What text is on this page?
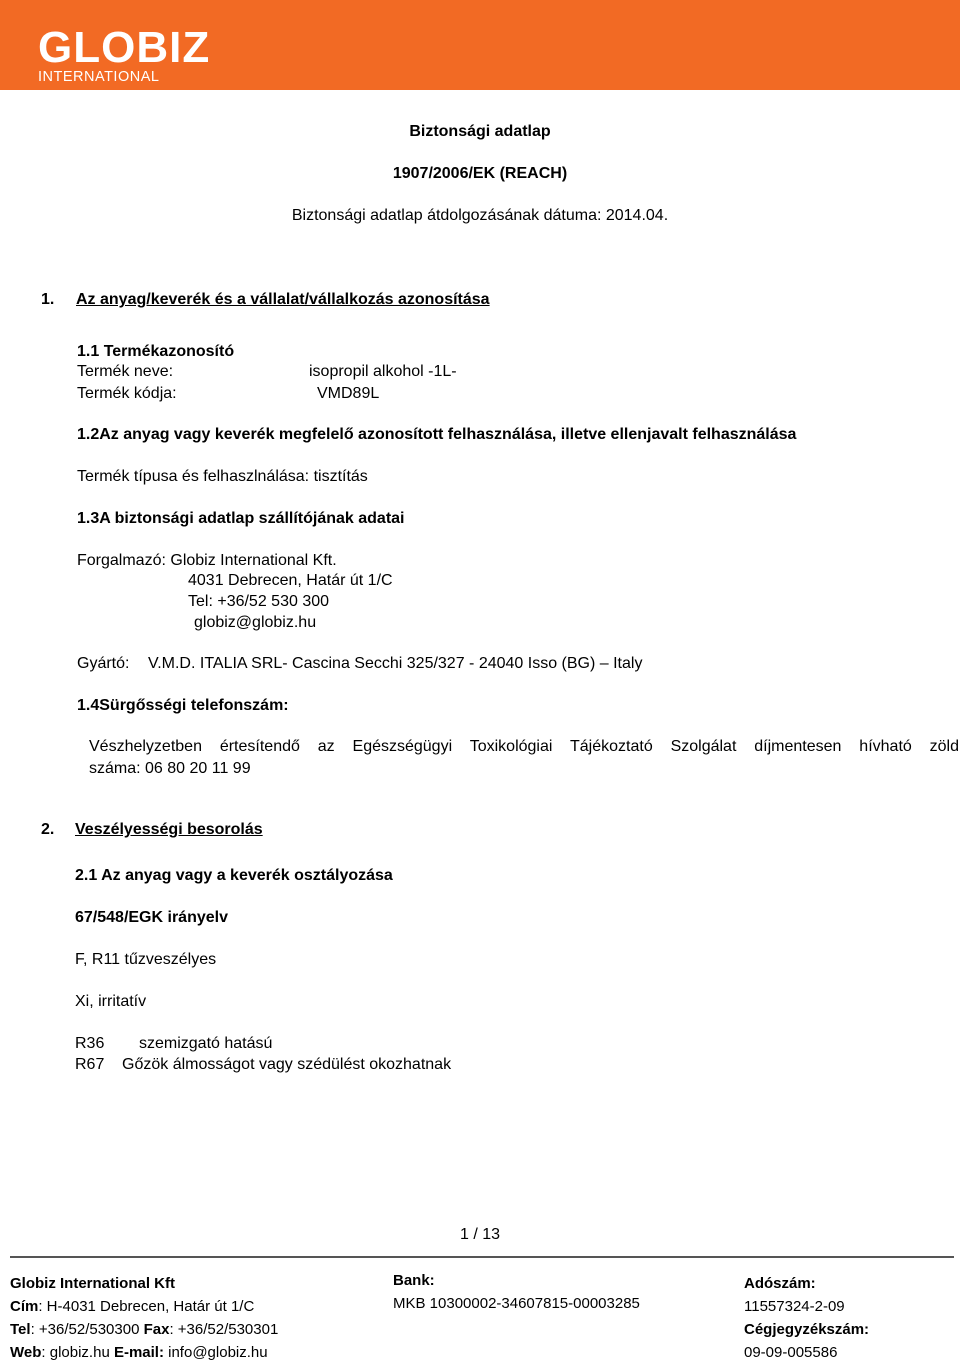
GLOBIZ
INTERNATIONAL
Biztonsági adatlap
1907/2006/EK (REACH)
Biztonsági adatlap átdolgozásának dátuma: 2014.04.
1. Az anyag/keverék és a vállalat/vállalkozás azonosítása
1.1 Termékazonosító
Termék neve:	isopropil alkohol -1L-
Termék kódja:	VMD89L
1.2Az anyag vagy keverék megfelelő azonosított felhasználása, illetve ellenjavalt felhasználása
Termék típusa és felhaszlnálása: tisztítás
1.3A biztonsági adatlap szállítójának adatai
Forgalmazó: Globiz International Kft.
4031 Debrecen, Határ út 1/C
Tel: +36/52 530 300
globiz@globiz.hu
Gyártó: V.M.D. ITALIA SRL- Cascina Secchi 325/327 - 24040 Isso (BG) – Italy
1.4Sürgősségi telefonszám:
Vészhelyzetben értesítendő az Egészségügyi Toxikológiai Tájékoztató Szolgálat díjmentesen hívható zöld
száma: 06 80 20 11 99
2. Veszélyességi besorolás
2.1 Az anyag vagy a keverék osztályozása
67/548/EGK irányelv
F, R11 tűzveszélyes
Xi, irritatív
R36 szemizgató hatású
R67 Gőzök álmosságot vagy szédülést okozhatnak
1 / 13
Globiz International Kft
Cím: H-4031 Debrecen, Határ út 1/C
Tel: +36/52/530300 Fax: +36/52/530301
Web: globiz.hu E-mail: info@globiz.hu
Bank:
MKB 10300002-34607815-00003285
Adószám:
11557324-2-09
Cégjegyzékszám:
09-09-005586
